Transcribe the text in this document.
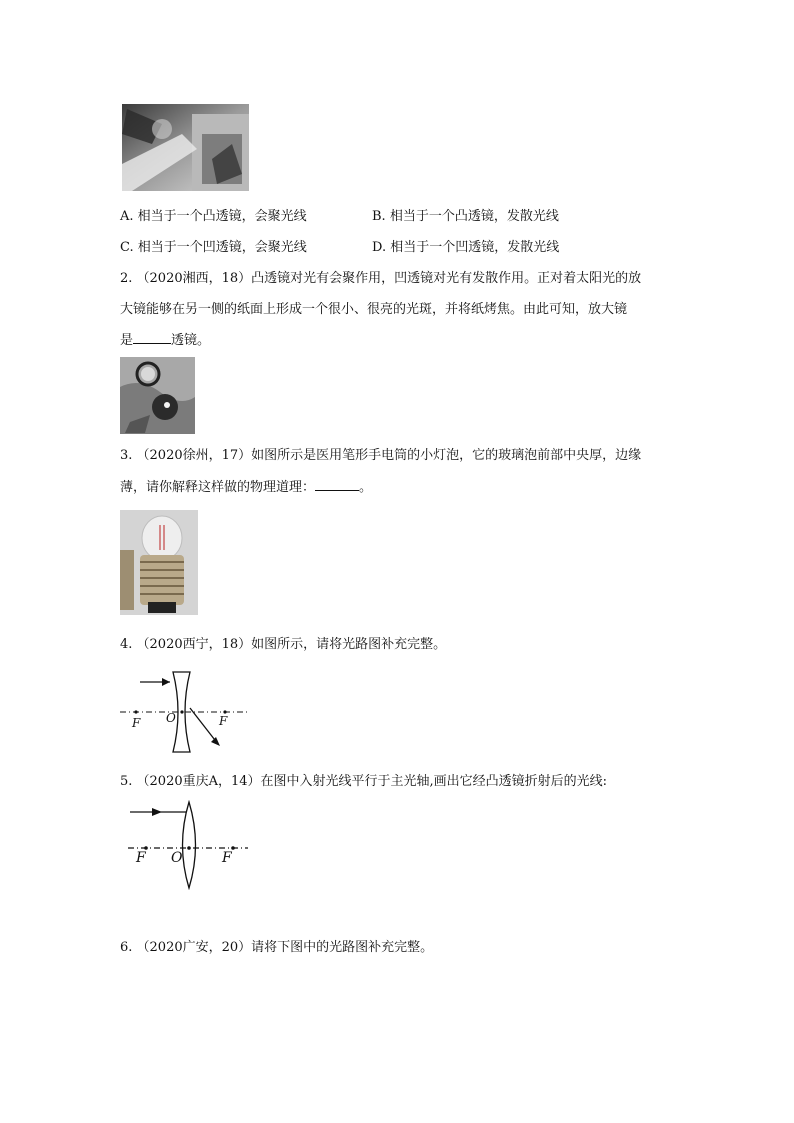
A. 相当于一个凸透镜，会聚光线	B. 相当于一个凸透镜，发散光线
C. 相当于一个凹透镜，会聚光线	D. 相当于一个凹透镜，发散光线
2. （2020湘西，18）凸透镜对光有会聚作用，凹透镜对光有发散作用。正对着太阳光的放
大镜能够在另一侧的纸面上形成一个很小、很亮的光斑，并将纸烤焦。由此可知，放大镜
是	透镜。
3. （2020徐州，17）如图所示是医用笔形手电筒的小灯泡，它的玻璃泡前部中央厚，边缘
薄，请你解释这样做的物理道理：	。
4. （2020西宁，18）如图所示，请将光路图补充完整。
F O	F
5. （2020重庆A，14）在图中入射光线平行于主光轴,画出它经凸透镜折射后的光线:
F O	F
6. （2020广安，20）请将下图中的光路图补充完整。
